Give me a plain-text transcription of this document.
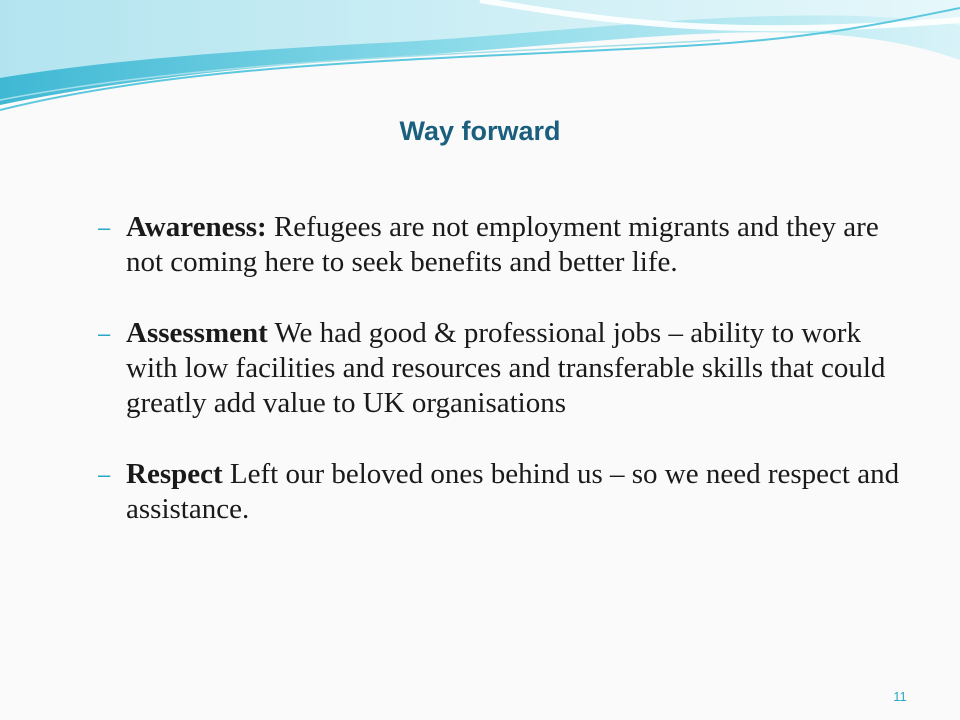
Way forward
– Awareness: Refugees are not employment migrants and they are not coming here to seek benefits and better life.
– Assessment We had good & professional jobs – ability to work with low facilities and resources and transferable skills that could greatly add value to UK organisations
– Respect Left our beloved ones behind us – so we need respect and assistance.
11
